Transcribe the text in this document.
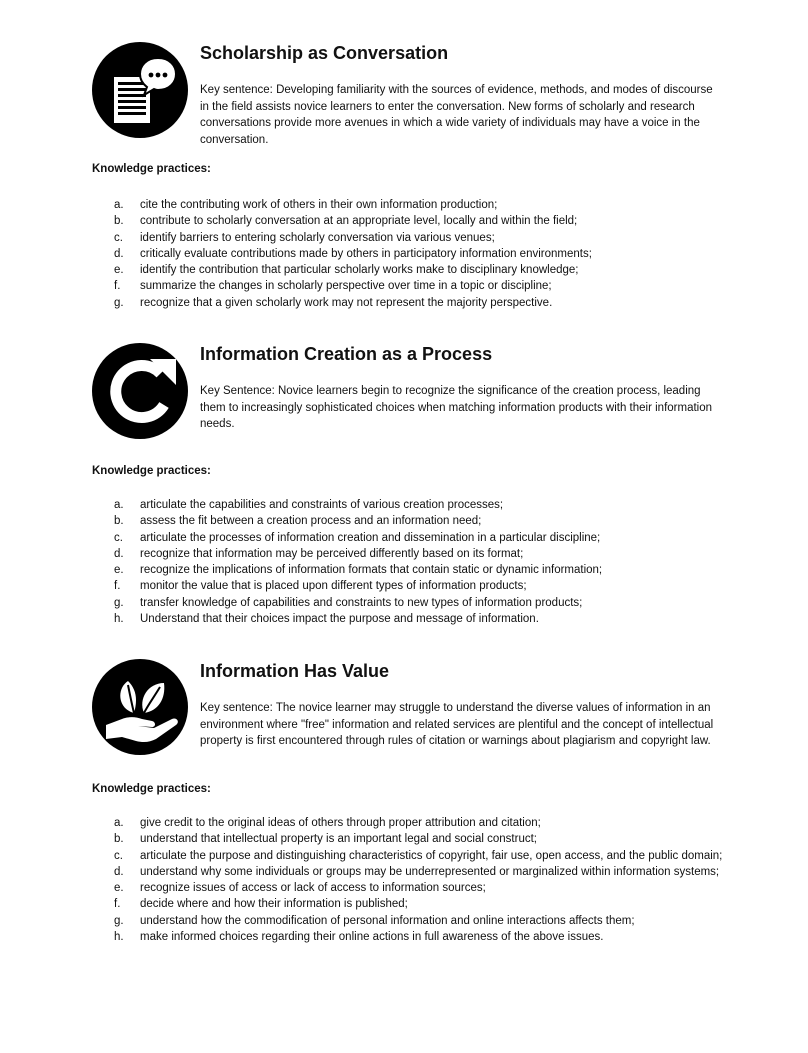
Scholarship as Conversation

Key sentence: Developing familiarity with the sources of evidence, methods, and modes of discourse in the field assists novice learners to enter the conversation. New forms of scholarly and research conversations provide more avenues in which a wide variety of individuals may have a voice in the conversation.

Knowledge practices:

a.	cite the contributing work of others in their own information production;
b.	contribute to scholarly conversation at an appropriate level, locally and within the field;
c.	identify barriers to entering scholarly conversation via various venues;
d.	critically evaluate contributions made by others in participatory information environments;
e.	identify the contribution that particular scholarly works make to disciplinary knowledge;
f.	summarize the changes in scholarly perspective over time in a topic or discipline;
g.	recognize that a given scholarly work may not represent the majority perspective.
Information Creation as a Process

Key Sentence: Novice learners begin to recognize the significance of the creation process, leading them to increasingly sophisticated choices when matching information products with their information needs.

Knowledge practices:

a.	articulate the capabilities and constraints of various creation processes;
b.	assess the fit between a creation process and an information need;
c.	articulate the processes of information creation and dissemination in a particular discipline;
d.	recognize that information may be perceived differently based on its format;
e.	recognize the implications of information formats that contain static or dynamic information;
f.	monitor the value that is placed upon different types of information products;
g.	transfer knowledge of capabilities and constraints to new types of information products;
h.	Understand that their choices impact the purpose and message of information.
Information Has Value

Key sentence: The novice learner may struggle to understand the diverse values of information in an environment where "free" information and related services are plentiful and the concept of intellectual property is first encountered through rules of citation or warnings about plagiarism and copyright law.

Knowledge practices:

a.	give credit to the original ideas of others through proper attribution and citation;
b.	understand that intellectual property is an important legal and social construct;
c.	articulate the purpose and distinguishing characteristics of copyright, fair use, open access, and the public domain;
d.	understand why some individuals or groups may be underrepresented or marginalized within information systems;
e.	recognize issues of access or lack of access to information sources;
f.	decide where and how their information is published;
g.	understand how the commodification of personal information and online interactions affects them;
h.	make informed choices regarding their online actions in full awareness of the above issues.
